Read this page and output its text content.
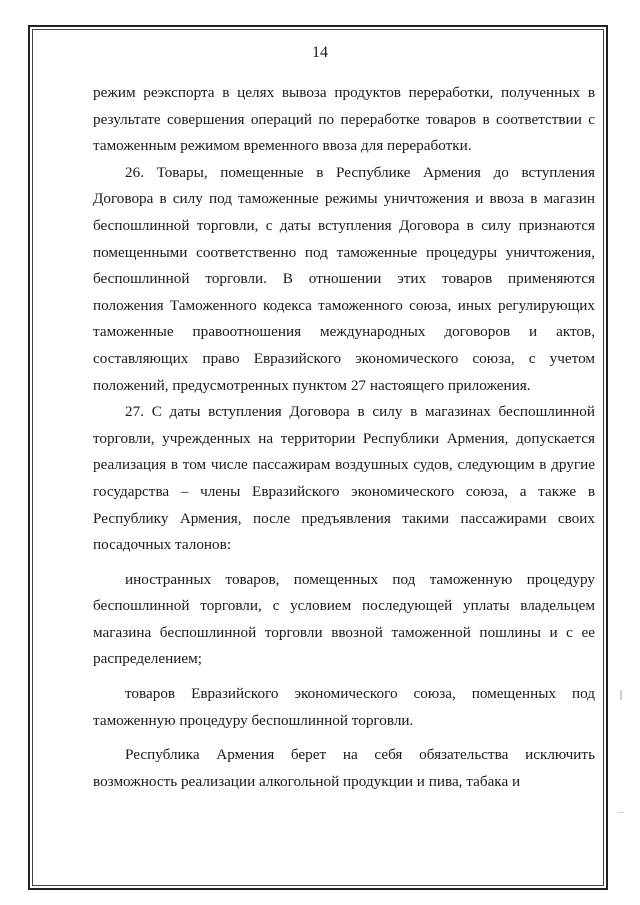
14

режим реэкспорта в целях вывоза продуктов переработки, полученных в результате совершения операций по переработке товаров в соответствии с таможенным режимом временного ввоза для переработки.

26. Товары, помещенные в Республике Армения до вступления Договора в силу под таможенные режимы уничтожения и ввоза в магазин беспошлинной торговли, с даты вступления Договора в силу признаются помещенными соответственно под таможенные процедуры уничтожения, беспошлинной торговли. В отношении этих товаров применяются положения Таможенного кодекса таможенного союза, иных регулирующих таможенные правоотношения международных договоров и актов, составляющих право Евразийского экономического союза, с учетом положений, предусмотренных пунктом 27 настоящего приложения.

27. С даты вступления Договора в силу в магазинах беспошлинной торговли, учрежденных на территории Республики Армения, допускается реализация в том числе пассажирам воздушных судов, следующим в другие государства – члены Евразийского экономического союза, а также в Республику Армения, после предъявления такими пассажирами своих посадочных талонов:

иностранных товаров, помещенных под таможенную процедуру беспошлинной торговли, с условием последующей уплаты владельцем магазина беспошлинной торговли ввозной таможенной пошлины и с ее распределением;

товаров Евразийского экономического союза, помещенных под таможенную процедуру беспошлинной торговли.

Республика Армения берет на себя обязательства исключить возможность реализации алкогольной продукции и пива, табака и
